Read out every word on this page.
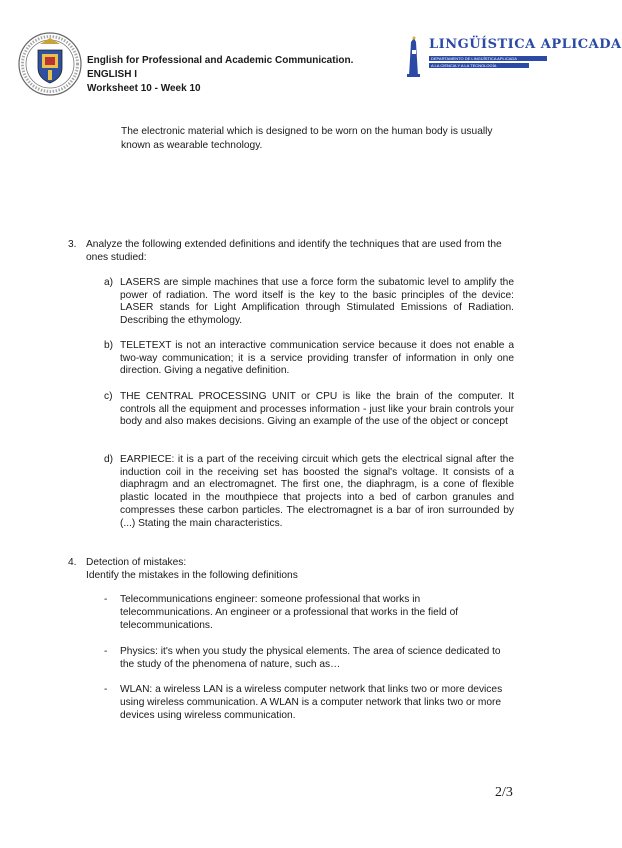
English for Professional and Academic Communication.
ENGLISH I
Worksheet 10 - Week 10
LINGÜÍSTICA APLICADA
DEPARTAMENTO DE LINGÜÍSTICA APLICADA
A LA CIENCIA Y A LA TECNOLOGÍA

The electronic material which is designed to be worn on the human body is usually known as wearable technology.

3. Analyze the following extended definitions and identify the techniques that are used from the ones studied:
a) LASERS are simple machines that use a force form the subatomic level to amplify the power of radiation. The word itself is the key to the basic principles of the device: LASER stands for Light Amplification through Stimulated Emissions of Radiation. Describing the ethymology.
b) TELETEXT is not an interactive communication service because it does not enable a two-way communication; it is a service providing transfer of information in only one direction. Giving a negative definition.
c) THE CENTRAL PROCESSING UNIT or CPU is like the brain of the computer. It controls all the equipment and processes information - just like your brain controls your body and also makes decisions. Giving an example of the use of the object or concept
d) EARPIECE: it is a part of the receiving circuit which gets the electrical signal after the induction coil in the receiving set has boosted the signal's voltage. It consists of a diaphragm and an electromagnet. The first one, the diaphragm, is a cone of flexible plastic located in the mouthpiece that projects into a bed of carbon granules and compresses these carbon particles. The electromagnet is a bar of iron surrounded by (...) Stating the main characteristics.
4. Detection of mistakes:
Identify the mistakes in the following definitions
- Telecommunications engineer: someone professional that works in telecommunications. An engineer or a professional that works in the field of telecommunications.
- Physics: it's when you study the physical elements. The area of science dedicated to the study of the phenomena of nature, such as…
- WLAN: a wireless LAN is a wireless computer network that links two or more devices using wireless communication. A WLAN is a computer network that links two or more devices using wireless communication.
2/3
